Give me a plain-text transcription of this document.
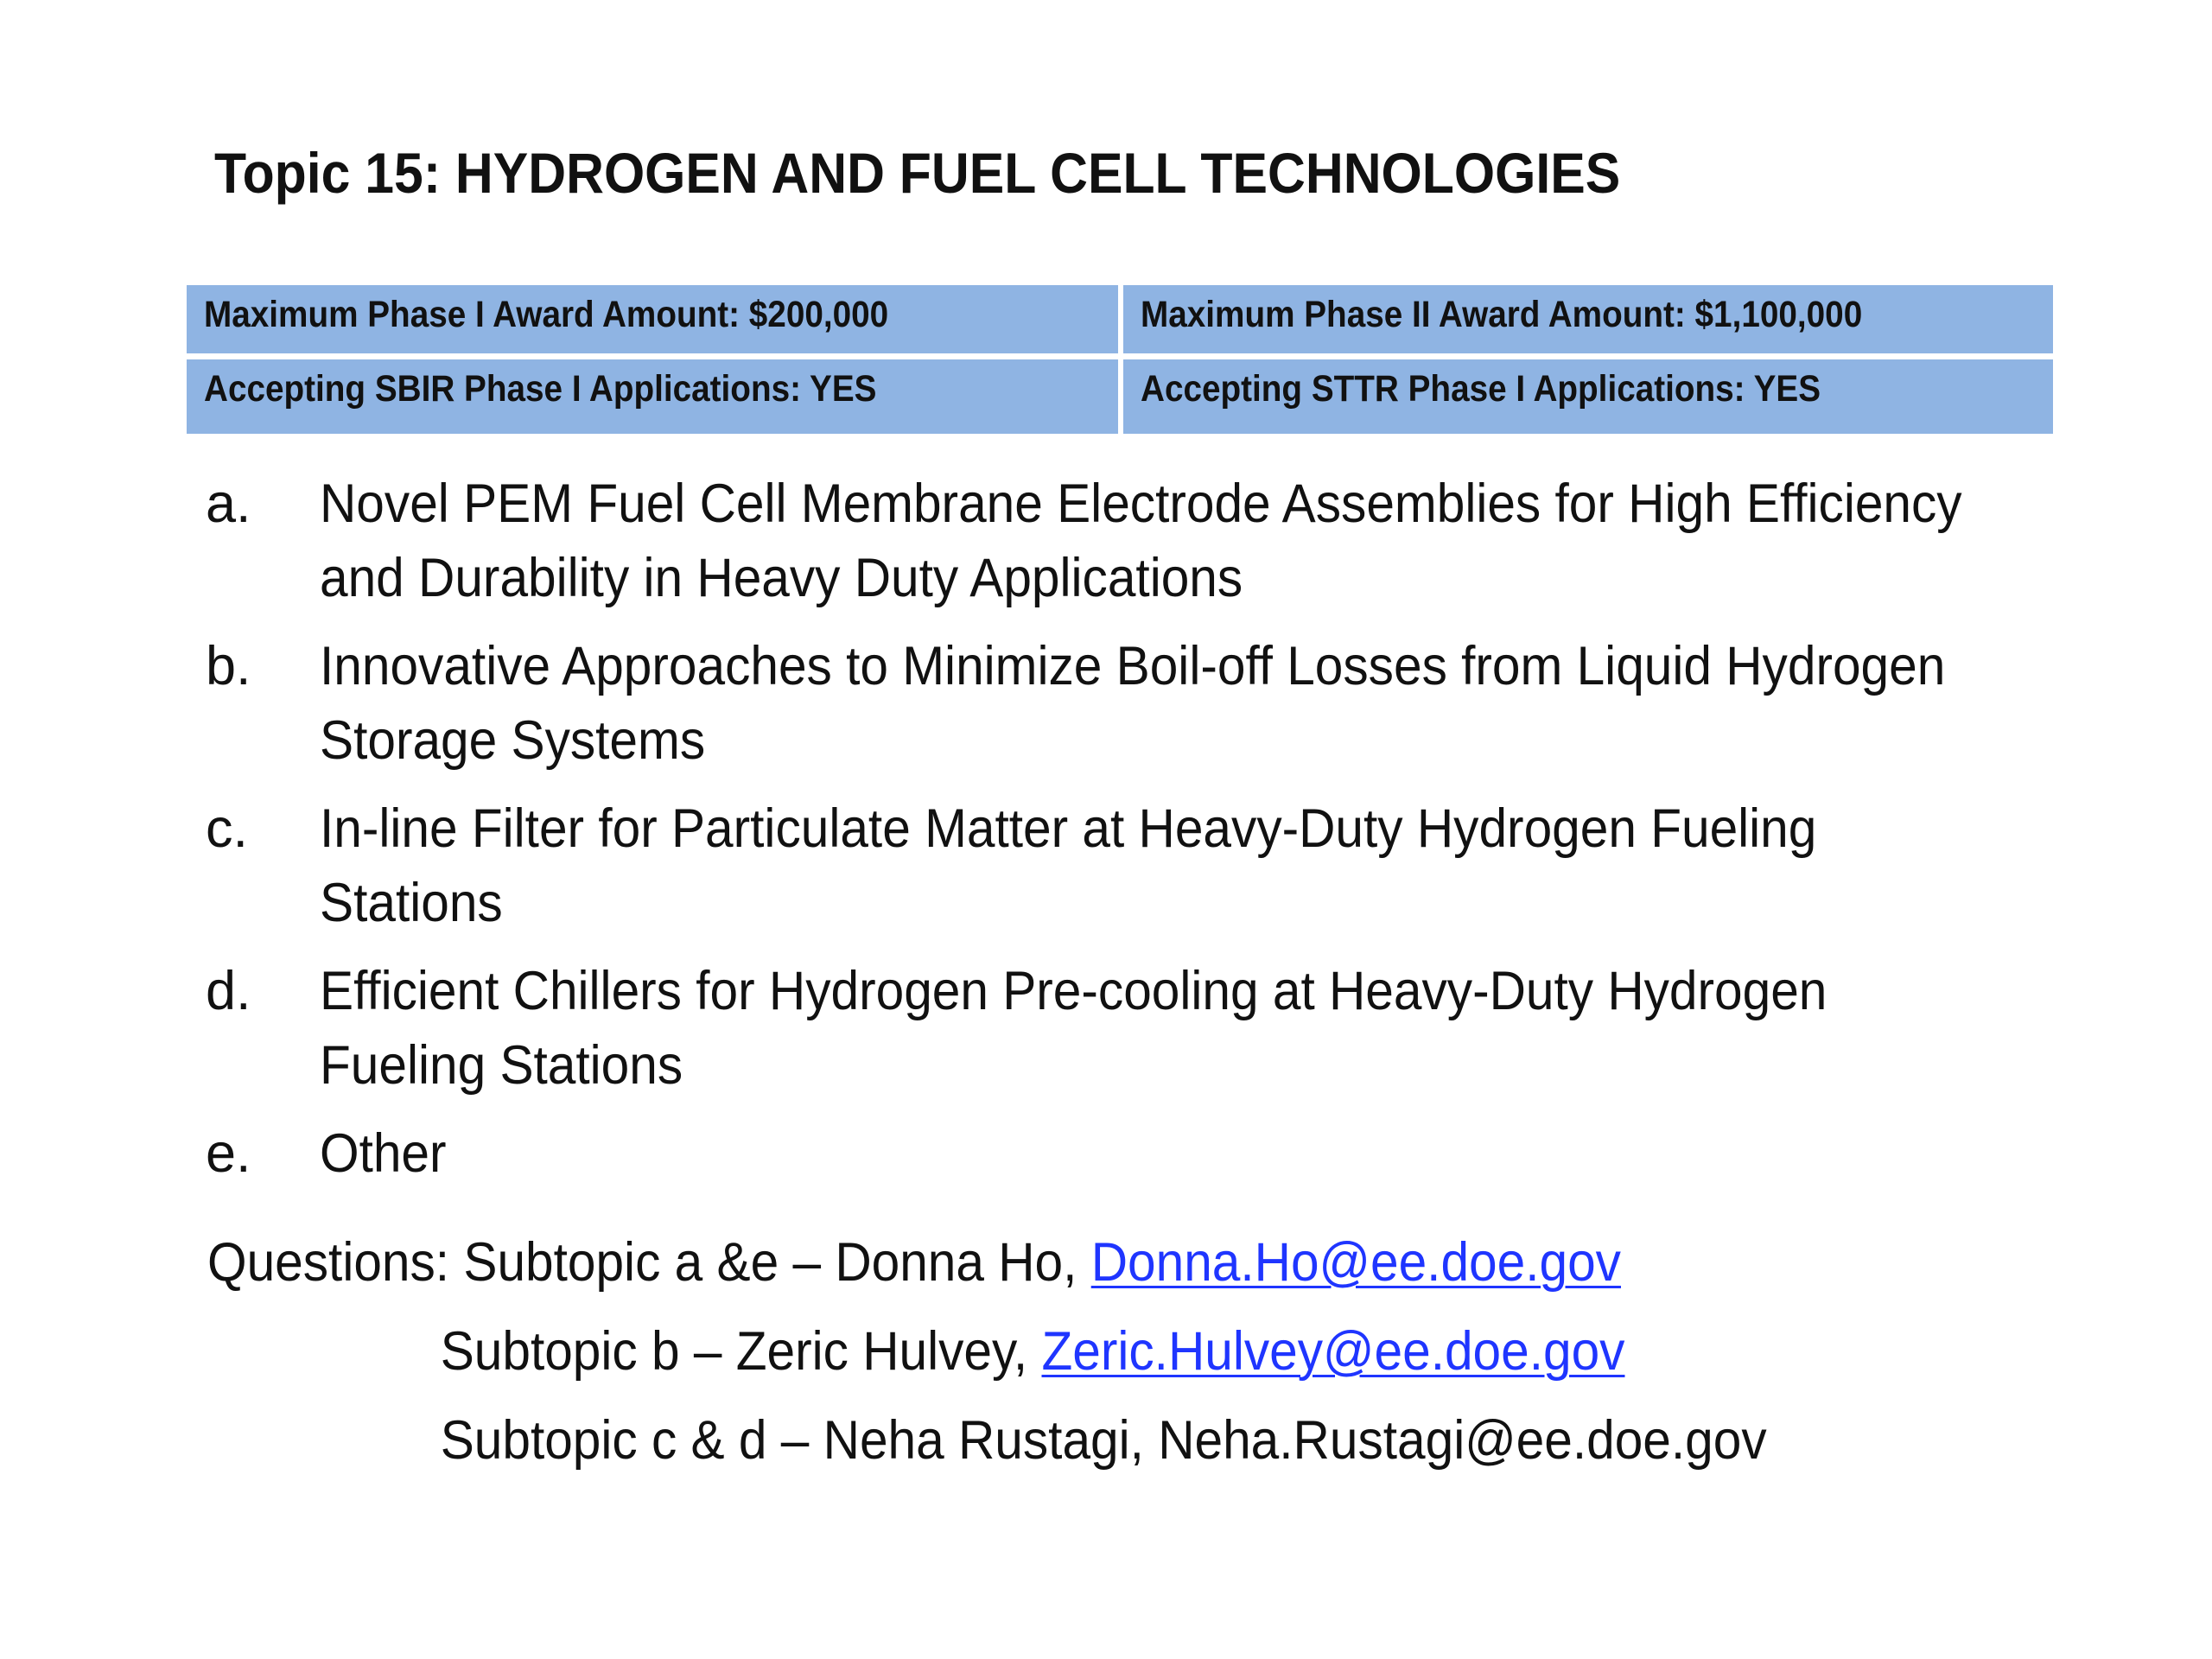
Topic 15: HYDROGEN AND FUEL CELL TECHNOLOGIES
Maximum Phase I Award Amount: $200,000	Maximum Phase II Award Amount: $1,100,000
Accepting SBIR Phase I Applications: YES	Accepting STTR Phase I Applications: YES
a.	Novel PEM Fuel Cell Membrane Electrode Assemblies for High Efficiency and Durability in Heavy Duty Applications
b.	Innovative Approaches to Minimize Boil-off Losses from Liquid Hydrogen Storage Systems
c.	In-line Filter for Particulate Matter at Heavy-Duty Hydrogen Fueling Stations
d.	Efficient Chillers for Hydrogen Pre-cooling at Heavy-Duty Hydrogen Fueling Stations
e.	Other
Questions: Subtopic a &e – Donna Ho, Donna.Ho@ee.doe.gov
Subtopic b – Zeric Hulvey, Zeric.Hulvey@ee.doe.gov
Subtopic c & d – Neha Rustagi, Neha.Rustagi@ee.doe.gov
